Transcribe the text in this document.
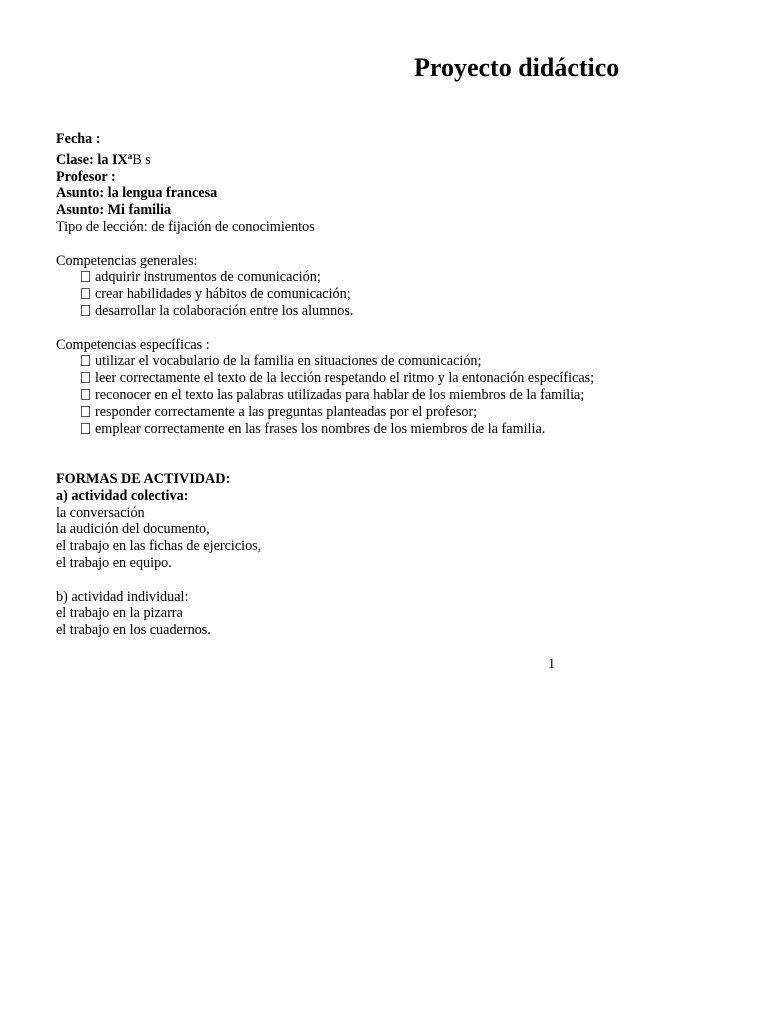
Proyecto didáctico
Fecha :
Clase: la $IX^aB$ s
Profesor :
Asunto: la lengua francesa
Asunto: Mi familia
Tipo de lección: de fijación de conocimientos
Competencias generales:
adquirir instrumentos de comunicación;
crear habilidades y hábitos de comunicación;
desarrollar la colaboración entre los alumnos.
Competencias específicas :
utilizar el vocabulario de la familia en situaciones de comunicación;
leer correctamente el texto de la lección respetando el ritmo y la entonación específicas;
reconocer en el texto las palabras utilizadas para hablar de los miembros de la familia;
responder correctamente a las preguntas planteadas por el profesor;
emplear correctamente en las frases los nombres de los miembros de la familia.
FORMAS DE ACTIVIDAD:
a) actividad colectiva:
la conversación
la audición del documento,
el trabajo en las fichas de ejercicios,
el trabajo en equipo.
b) actividad individual:
el trabajo en la pizarra
el trabajo en los cuadernos.
1
